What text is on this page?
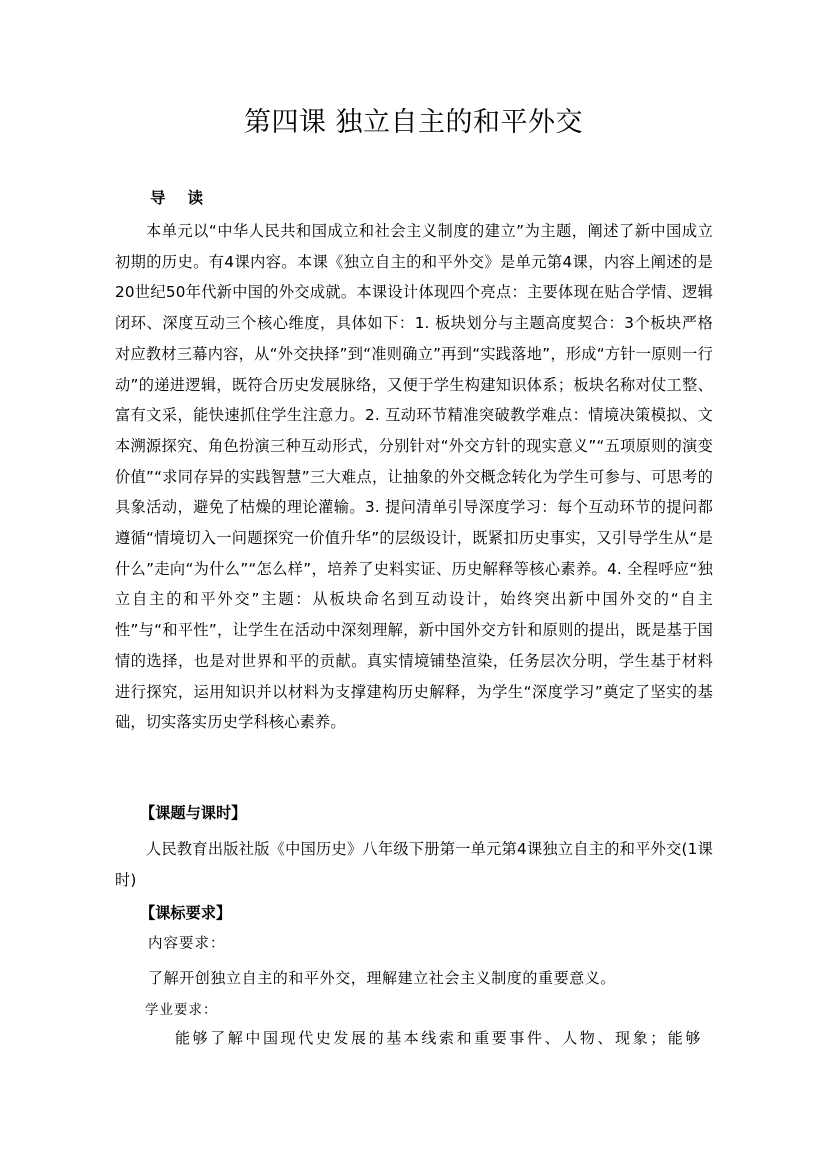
第四课 独立自主的和平外交
导 读
本单元以“中华人民共和国成立和社会主义制度的建立”为主题，阐述了新中国成立初期的历史。有4课内容。本课《独立自主的和平外交》是单元第4课，内容上阐述的是20世纪50年代新中国的外交成就。本课设计体现四个亮点：主要体现在贴合学情、逻辑闭环、深度互动三个核心维度，具体如下：1. 板块划分与主题高度契合：3个板块严格对应教材三幕内容，从“外交抉择”到“准则确立”再到“实践落地”，形成“方针一原则一行动”的递进逻辑，既符合历史发展脉络，又便于学生构建知识体系；板块名称对仗工整、富有文采，能快速抓住学生注意力。2. 互动环节精准突破教学难点：情境决策模拟、文本溯源探究、角色扮演三种互动形式，分别针对“外交方针的现实意义”“五项原则的演变价值”“求同存异的实践智慧”三大难点，让抽象的外交概念转化为学生可参与、可思考的具象活动，避免了枯燥的理论灌输。3. 提问清单引导深度学习：每个互动环节的提问都遵循“情境切入一问题探究一价值升华”的层级设计，既紧扣历史事实，又引导学生从“是什么”走向“为什么”“怎么样”，培养了史料实证、历史解释等核心素养。4. 全程呼应“独立自主的和平外交”主题：从板块命名到互动设计，始终突出新中国外交的“自主性”与“和平性”，让学生在活动中深刻理解，新中国外交方针和原则的提出，既是基于国情的选择，也是对世界和平的贡献。真实情境铺垫渲染，任务层次分明，学生基于材料进行探究，运用知识并以材料为支撑建构历史解释，为学生“深度学习”奠定了坚实的基础，切实落实历史学科核心素养。
【课题与课时】
人民教育出版社版《中国历史》八年级下册第一单元第4课独立自主的和平外交(1课时)
【课标要求】
内容要求：
了解开创独立自主的和平外交，理解建立社会主义制度的重要意义。
学业要求：
能够了解中国现代史发展的基本线索和重要事件、人物、现象；能够
